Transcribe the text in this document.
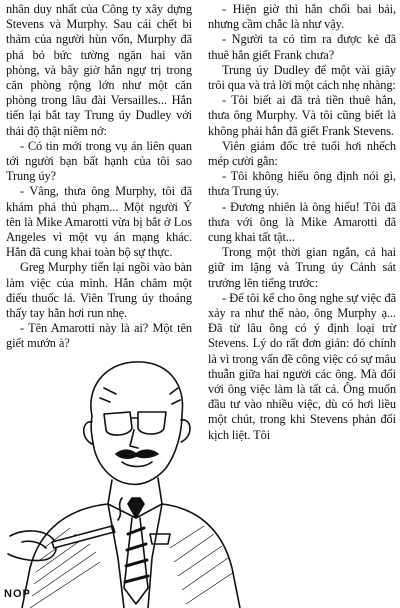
nhân duy nhất của Công ty xây dựng Stevens và Murphy. Sau cái chết bi thảm của người hùn vốn, Murphy đã phá bỏ bức tường ngăn hai văn phòng, và bây giờ hắn ngự trị trong căn phòng rộng lớn như một căn phòng trong lâu đài Versailles... Hắn tiến lại bắt tay Trung úy Dudley với thái độ thật niềm nở:

- Có tin mới trong vụ án liên quan tới người bạn bất hạnh của tôi sao Trung úy?

- Vâng, thưa ông Murphy, tôi đã khám phá thủ phạm... Một người Ý tên là Mike Amarotti vừa bị bắt ở Los Angeles vì một vụ án mạng khác. Hắn đã cung khai toàn bộ sự thực.

Greg Murphy tiến lại ngồi vào bàn làm việc của mình. Hắn châm một điếu thuốc lá. Viên Trung úy thoáng thấy tay hắn hơi run nhẹ.

- Tên Amarotti này là ai? Một tên giết mướn à?

- Hiện giờ thì hắn chối bai bải, nhưng cầm chắc là như vậy.

- Người ta có tìm ra được kẻ đã thuê hắn giết Frank chưa?

Trung úy Dudley để một vài giây trôi qua và trả lời một cách nhẹ nhàng:

- Tôi biết ai đã trả tiền thuê hắn, thưa ông Murphy. Và tôi cũng biết là không phải hắn đã giết Frank Stevens.

Viên giám đốc trẻ tuổi hơi nhếch mép cười gằn:

- Tôi không hiểu ông định nói gì, thưa Trung úy.

- Đương nhiên là ông hiểu! Tôi đã thưa với ông là Mike Amarotti đã cung khai tất tật...

Trong một thời gian ngắn, cả hai giữ im lặng và Trung úy Cảnh sát trưởng lên tiếng trước:

- Để tôi kể cho ông nghe sự việc đã xảy ra như thế nào, ông Murphy ạ... Đã từ lâu ông có ý định loại trừ Stevens. Lý do rất đơn giản: đó chính là vì trong vấn đề công việc có sự mâu thuẫn giữa hai người các ông. Mà đối với ông việc làm là tất cả. Ông muốn đầu tư vào nhiều việc, dù có hơi liều một chút, trong khi Stevens phản đối kịch liệt. Tôi

NOP
